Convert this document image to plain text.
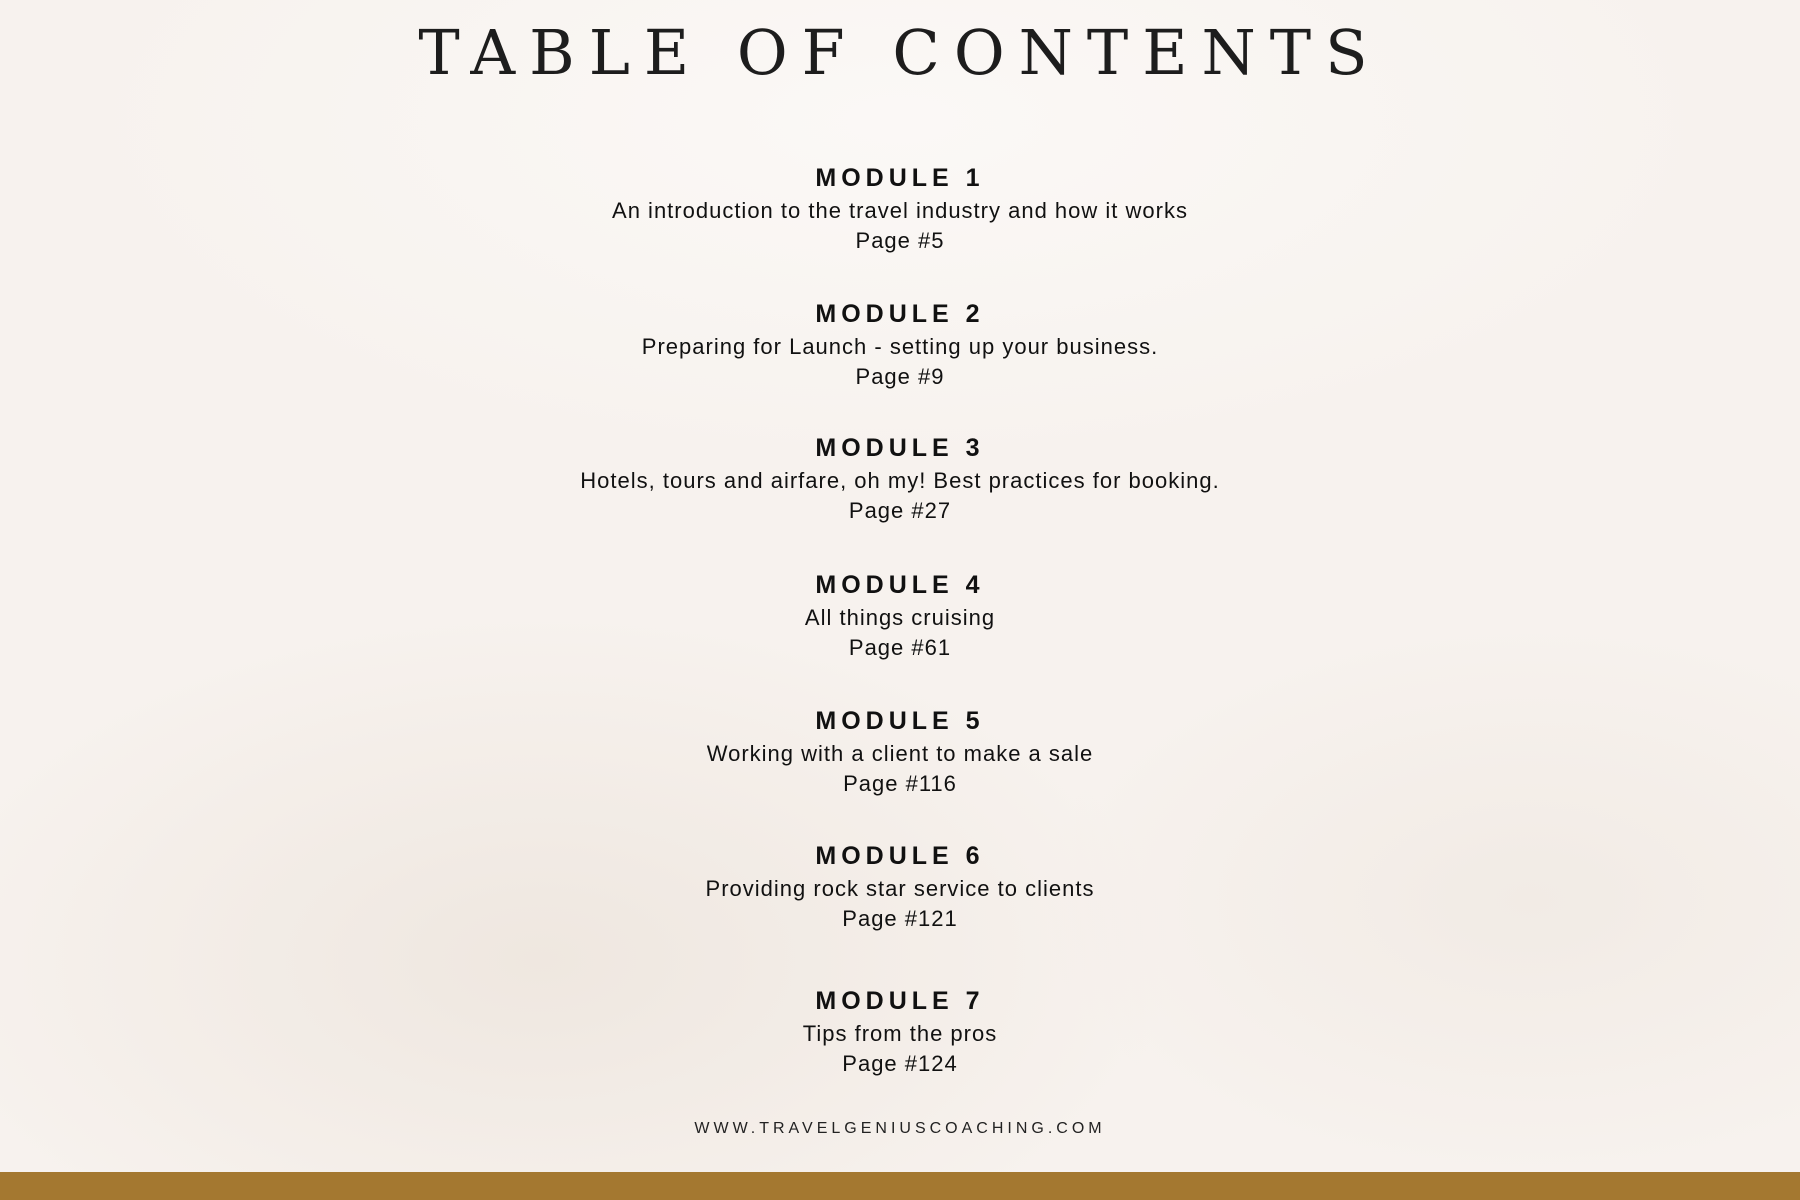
TABLE OF CONTENTS
MODULE 1
An introduction to the travel industry and how it works
Page #5
MODULE 2
Preparing for Launch - setting up your business.
Page #9
MODULE 3
Hotels, tours and airfare, oh my! Best practices for booking.
Page #27
MODULE 4
All things cruising
Page #61
MODULE 5
Working with a client to make a sale
Page #116
MODULE 6
Providing rock star service to clients
Page #121
MODULE 7
Tips from the pros
Page #124
WWW.TRAVELGENIUSCOACHING.COM
